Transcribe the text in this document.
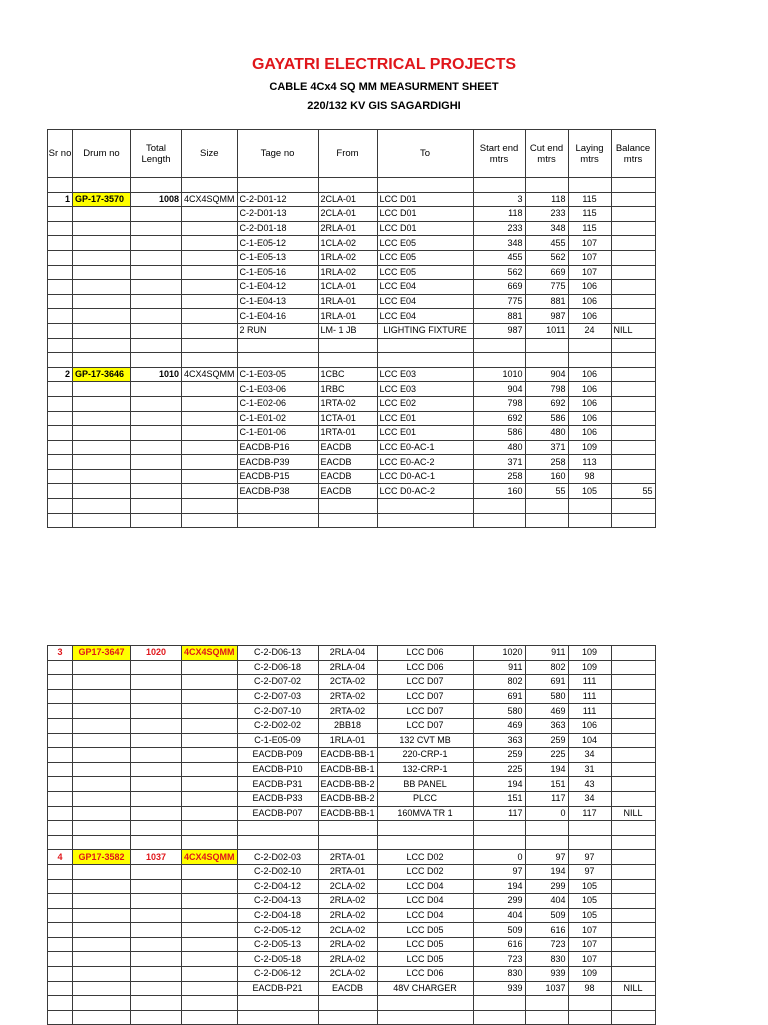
GAYATRI ELECTRICAL PROJECTS
CABLE 4Cx4 SQ MM MEASURMENT SHEET
220/132 KV GIS SAGARDIGHI
Sr no	Drum no	Total Length	Size	Tage no	From	To	Start end mtrs	Cut end mtrs	Laying mtrs	Balance mtrs

1	GP-17-3570	1008	4CX4SQMM	C-2-D01-12	2CLA-01	LCC D01	3	118	115	
				C-2-D01-13	2CLA-01	LCC D01	118	233	115	
				C-2-D01-18	2RLA-01	LCC D01	233	348	115	
				C-1-E05-12	1CLA-02	LCC E05	348	455	107	
				C-1-E05-13	1RLA-02	LCC E05	455	562	107	
				C-1-E05-16	1RLA-02	LCC E05	562	669	107	
				C-1-E04-12	1CLA-01	LCC E04	669	775	106	
				C-1-E04-13	1RLA-01	LCC E04	775	881	106	
				C-1-E04-16	1RLA-01	LCC E04	881	987	106	
				2 RUN	LM- 1 JB	LIGHTING FIXTURE	987	1011	24	NILL

2	GP-17-3646	1010	4CX4SQMM	C-1-E03-05	1CBC	LCC E03	1010	904	106	
				C-1-E03-06	1RBC	LCC E03	904	798	106	
				C-1-E02-06	1RTA-02	LCC E02	798	692	106	
				C-1-E01-02	1CTA-01	LCC E01	692	586	106	
				C-1-E01-06	1RTA-01	LCC E01	586	480	106	
				EACDB-P16	EACDB	LCC E0-AC-1	480	371	109	
				EACDB-P39	EACDB	LCC E0-AC-2	371	258	113	
				EACDB-P15	EACDB	LCC D0-AC-1	258	160	98	
				EACDB-P38	EACDB	LCC D0-AC-2	160	55	105	55

3	GP17-3647	1020	4CX4SQMM	C-2-D06-13	2RLA-04	LCC D06	1020	911	109	
				C-2-D06-18	2RLA-04	LCC D06	911	802	109	
				C-2-D07-02	2CTA-02	LCC D07	802	691	111	
				C-2-D07-03	2RTA-02	LCC D07	691	580	111	
				C-2-D07-10	2RTA-02	LCC D07	580	469	111	
				C-2-D02-02	2BB18	LCC D07	469	363	106	
				C-1-E05-09	1RLA-01	132 CVT MB	363	259	104	
				EACDB-P09	EACDB-BB-1	220-CRP-1	259	225	34	
				EACDB-P10	EACDB-BB-1	132-CRP-1	225	194	31	
				EACDB-P31	EACDB-BB-2	BB PANEL	194	151	43	
				EACDB-P33	EACDB-BB-2	PLCC	151	117	34	
				EACDB-P07	EACDB-BB-1	160MVA TR 1	117	0	117	NILL

4	GP17-3582	1037	4CX4SQMM	C-2-D02-03	2RTA-01	LCC D02	0	97	97	
				C-2-D02-10	2RTA-01	LCC D02	97	194	97	
				C-2-D04-12	2CLA-02	LCC D04	194	299	105	
				C-2-D04-13	2RLA-02	LCC D04	299	404	105	
				C-2-D04-18	2RLA-02	LCC D04	404	509	105	
				C-2-D05-12	2CLA-02	LCC D05	509	616	107	
				C-2-D05-13	2RLA-02	LCC D05	616	723	107	
				C-2-D05-18	2RLA-02	LCC D05	723	830	107	
				C-2-D06-12	2CLA-02	LCC D06	830	939	109	
				EACDB-P21	EACDB	48V CHARGER	939	1037	98	NILL
